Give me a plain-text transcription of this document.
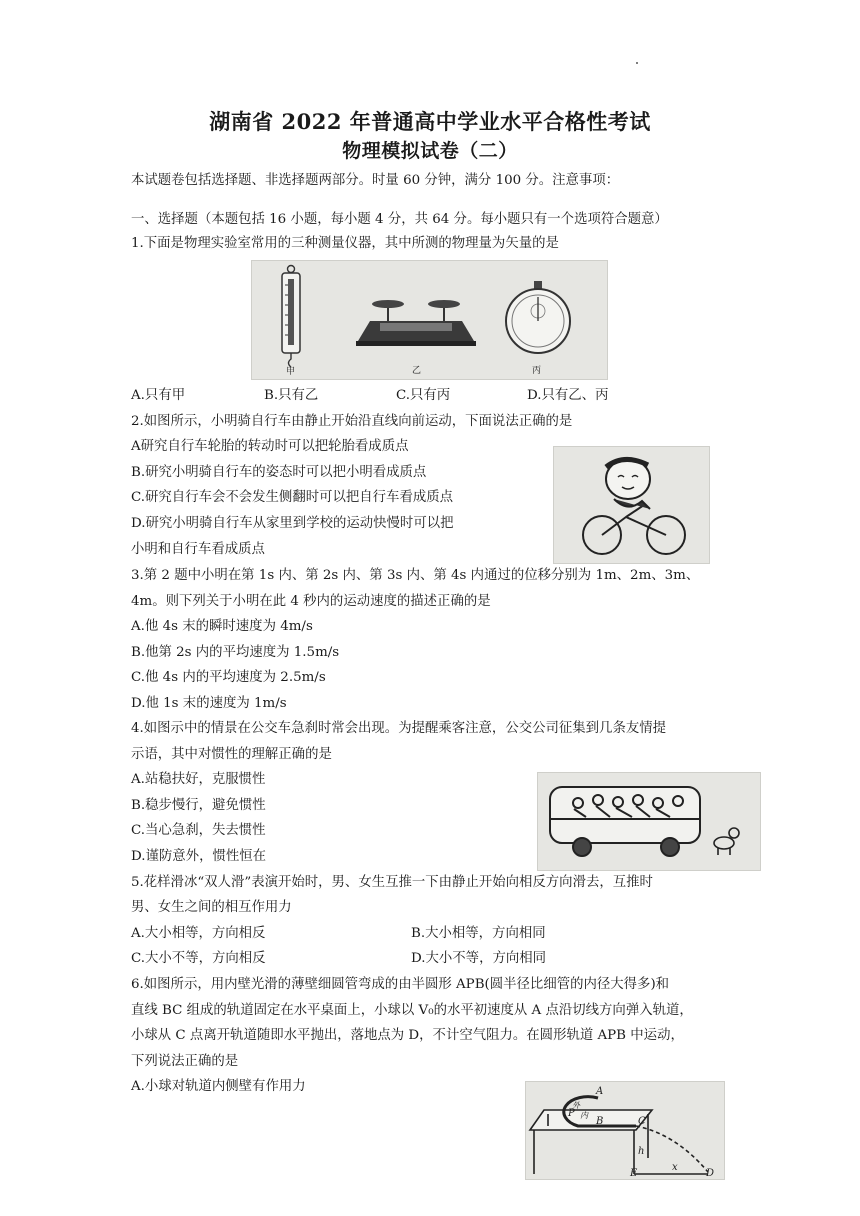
湖南省 2022 年普通高中学业水平合格性考试
物理模拟试卷（二）
本试题卷包括选择题、非选择题两部分。时量 60 分钟，满分 100 分。注意事项：
一、选择题（本题包括 16 小题，每小题 4 分，共 64 分。每小题只有一个选项符合题意）
1.下面是物理实验室常用的三种测量仪器，其中所测的物理量为矢量的是
甲	乙	丙
A.只有甲	B.只有乙	C.只有丙	D.只有乙、丙
2.如图所示，小明骑自行车由静止开始沿直线向前运动，下面说法正确的是
A研究自行车轮胎的转动时可以把轮胎看成质点
B.研究小明骑自行车的姿态时可以把小明看成质点
C.研究自行车会不会发生侧翻时可以把自行车看成质点
D.研究小明骑自行车从家里到学校的运动快慢时可以把
小明和自行车看成质点
3.第 2 题中小明在第 1s 内、第 2s 内、第 3s 内、第 4s 内通过的位移分别为 1m、2m、3m、
4m。则下列关于小明在此 4 秒内的运动速度的描述正确的是
A.他 4s 末的瞬时速度为 4m/s
B.他第 2s 内的平均速度为 1.5m/s
C.他 4s 内的平均速度为 2.5m/s
D.他 1s 末的速度为 1m/s
4.如图示中的情景在公交车急刹时常会出现。为提醒乘客注意，公交公司征集到几条友情提
示语，其中对惯性的理解正确的是
A.站稳扶好，克服惯性
B.稳步慢行，避免惯性
C.当心急刹，失去惯性
D.谨防意外，惯性恒在
5.花样滑冰“双人滑”表演开始时，男、女生互推一下由静止开始向相反方向滑去，互推时
男、女生之间的相互作用力
A.大小相等，方向相反	B.大小相等，方向相同
C.大小不等，方向相反	D.大小不等，方向相同
6.如图所示，用内壁光滑的薄壁细圆管弯成的由半圆形 APB(圆半径比细管的内径大得多)和
直线 BC 组成的轨道固定在水平桌面上，小球以 V₀的水平初速度从 A 点沿切线方向弹入轨道，
小球从 C 点离开轨道随即水平抛出，落地点为 D，不计空气阻力。在圆形轨道 APB 中运动，
下列说法正确的是
A.小球对轨道内侧壁有作用力	A
外
P 内
B	C
h
E
x
D
